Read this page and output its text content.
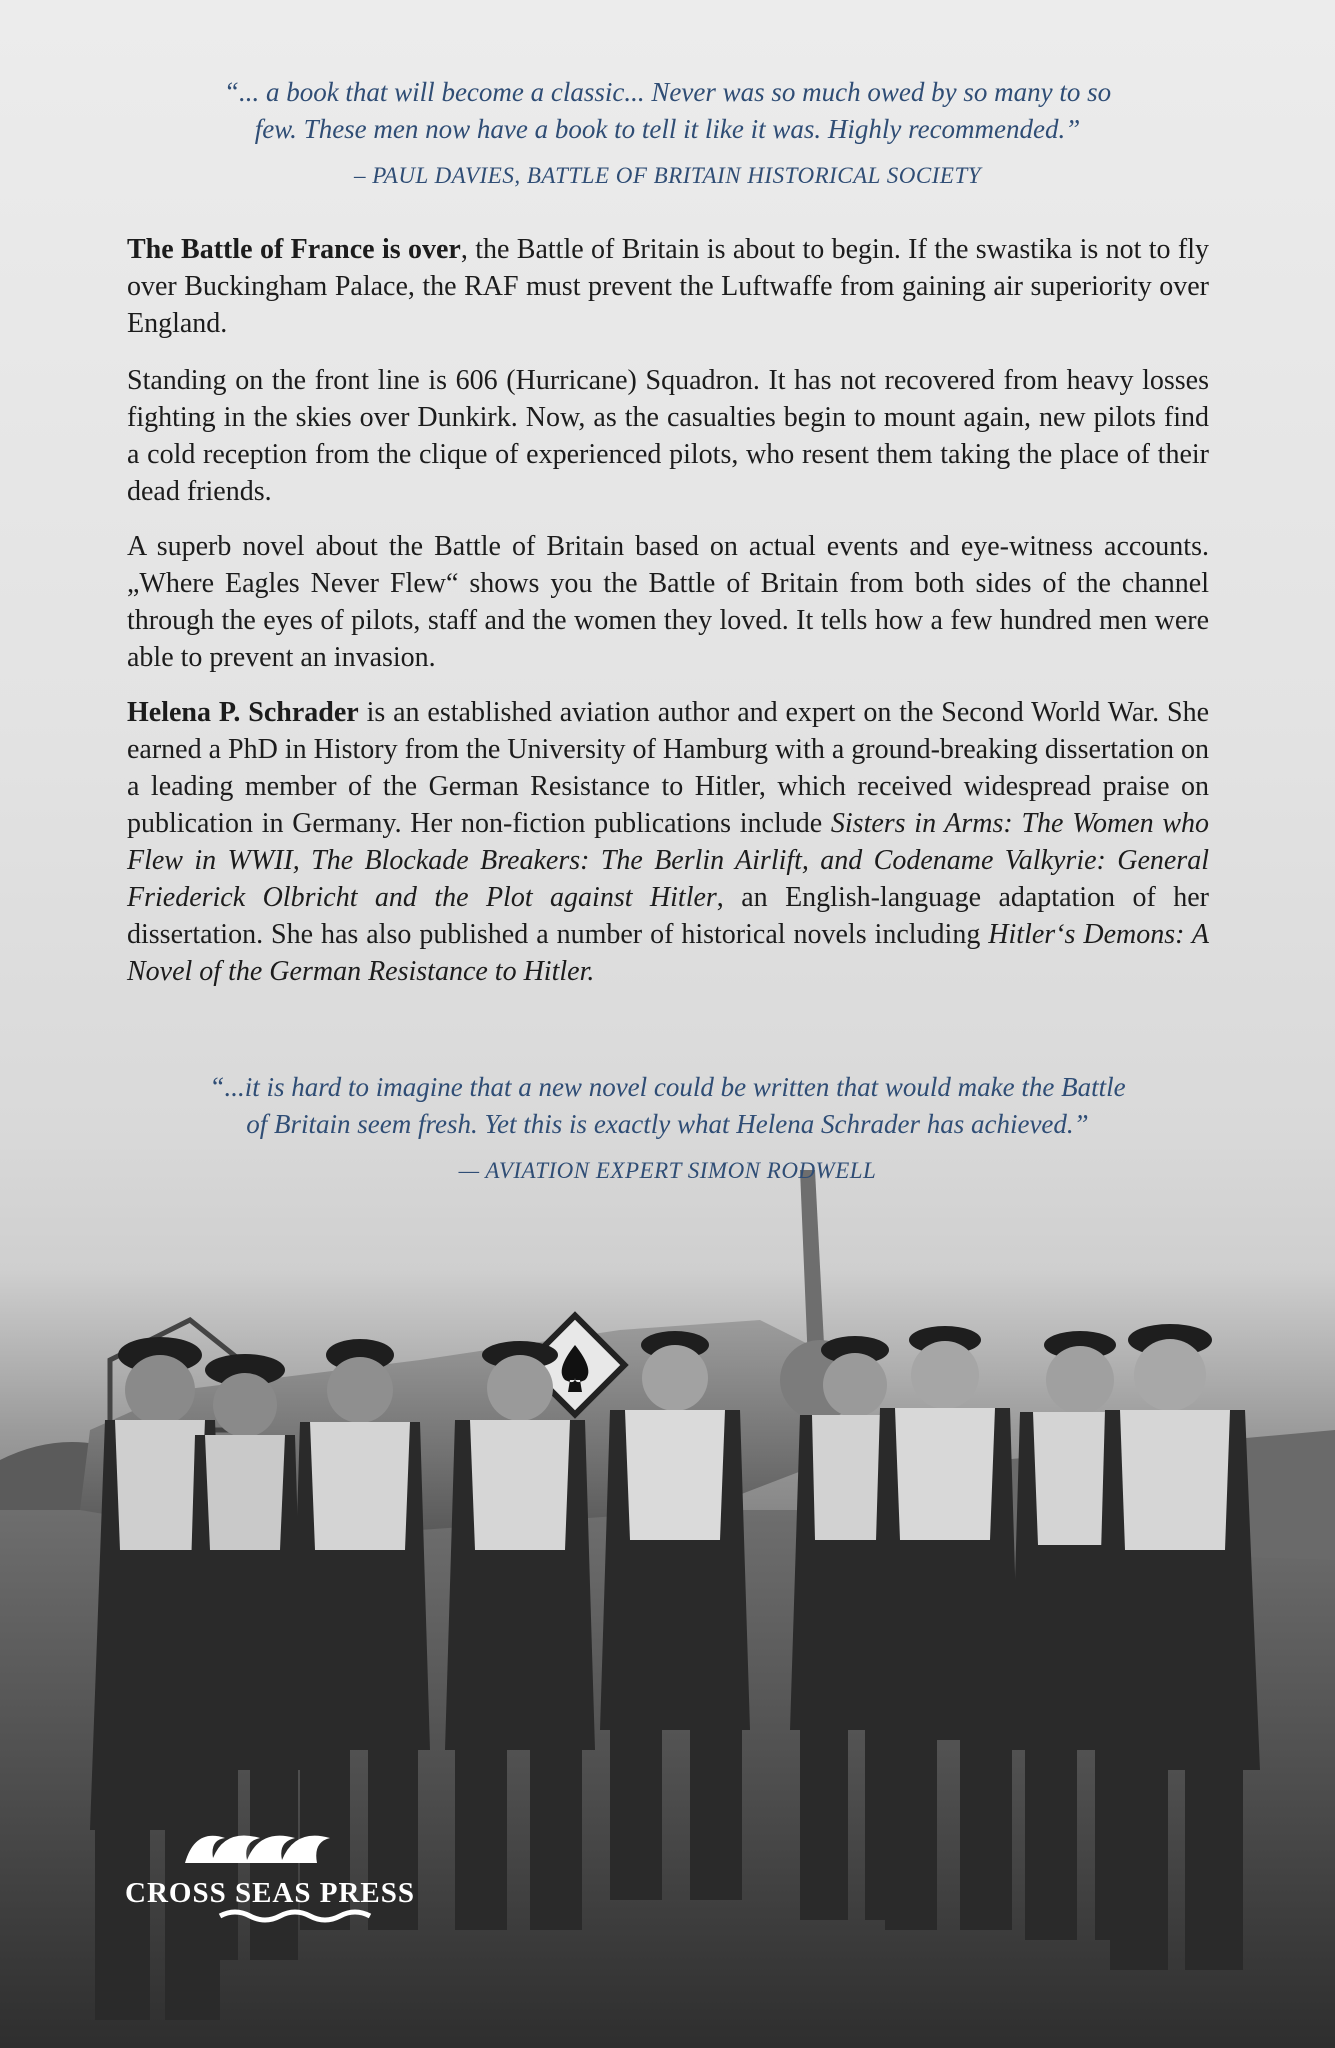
“... a book that will become a classic... Never was so much owed by so many to so
few. These men now have a book to tell it like it was. Highly recommended.”
– PAUL DAVIES, BATTLE OF BRITAIN HISTORICAL SOCIETY

The Battle of France is over, the Battle of Britain is about to begin. If the swastika is not to fly over Buckingham Palace, the RAF must prevent the Luftwaffe from gaining air superiority over England.

Standing on the front line is 606 (Hurricane) Squadron. It has not recovered from heavy losses fighting in the skies over Dunkirk. Now, as the casualties begin to mount again, new pilots find a cold reception from the clique of experienced pilots, who resent them taking the place of their dead friends.

A superb novel about the Battle of Britain based on actual events and eye-witness accounts. „Where Eagles Never Flew“ shows you the Battle of Britain from both sides of the channel through the eyes of pilots, staff and the women they loved. It tells how a few hundred men were able to prevent an invasion.

Helena P. Schrader is an established aviation author and expert on the Second World War. She earned a PhD in History from the University of Hamburg with a ground-breaking dissertation on a leading member of the German Resistance to Hitler, which received widespread praise on publication in Germany. Her non-fiction publications include Sisters in Arms: The Women who Flew in WWII, The Blockade Breakers: The Berlin Airlift, and Codename Valkyrie: General Friederick Olbricht and the Plot against Hitler, an English-language adaptation of her dissertation. She has also published a number of historical novels including Hitler‘s Demons: A Novel of the German Resistance to Hitler.

“...it is hard to imagine that a new novel could be written that would make the Battle
of Britain seem fresh. Yet this is exactly what Helena Schrader has achieved.”
— AVIATION EXPERT SIMON RODWELL
CROSS SEAS PRESS
